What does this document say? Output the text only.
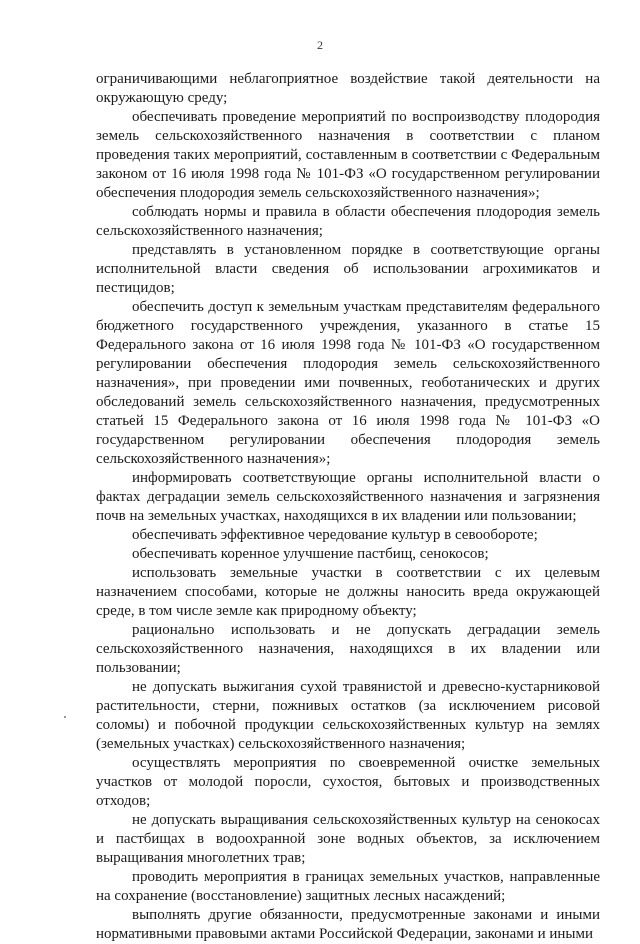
2

ограничивающими неблагоприятное воздействие такой деятельности на окружающую среду;

обеспечивать проведение мероприятий по воспроизводству плодородия земель сельскохозяйственного назначения в соответствии с планом проведения таких мероприятий, составленным в соответствии с Федеральным законом от 16 июля 1998 года № 101-ФЗ «О государственном регулировании обеспечения плодородия земель сельскохозяйственного назначения»;

соблюдать нормы и правила в области обеспечения плодородия земель сельскохозяйственного назначения;

представлять в установленном порядке в соответствующие органы исполнительной власти сведения об использовании агрохимикатов и пестицидов;

обеспечить доступ к земельным участкам представителям федерального бюджетного государственного учреждения, указанного в статье 15 Федерального закона от 16 июля 1998 года № 101-ФЗ «О государственном регулировании обеспечения плодородия земель сельскохозяйственного назначения», при проведении ими почвенных, геоботанических и других обследований земель сельскохозяйственного назначения, предусмотренных статьей 15 Федерального закона от 16 июля 1998 года № 101-ФЗ «О государственном регулировании обеспечения плодородия земель сельскохозяйственного назначения»;

информировать соответствующие органы исполнительной власти о фактах деградации земель сельскохозяйственного назначения и загрязнения почв на земельных участках, находящихся в их владении или пользовании;

обеспечивать эффективное чередование культур в севообороте;

обеспечивать коренное улучшение пастбищ, сенокосов;

использовать земельные участки в соответствии с их целевым назначением способами, которые не должны наносить вреда окружающей среде, в том числе земле как природному объекту;

рационально использовать и не допускать деградации земель сельскохозяйственного назначения, находящихся в их владении или пользовании;

не допускать выжигания сухой травянистой и древесно-кустарниковой растительности, стерни, пожнивых остатков (за исключением рисовой соломы) и побочной продукции сельскохозяйственных культур на землях (земельных участках) сельскохозяйственного назначения;

осуществлять мероприятия по своевременной очистке земельных участков от молодой поросли, сухостоя, бытовых и производственных отходов;

не допускать выращивания сельскохозяйственных культур на сенокосах и пастбищах в водоохранной зоне водных объектов, за исключением выращивания многолетних трав;

проводить мероприятия в границах земельных участков, направленные на сохранение (восстановление) защитных лесных насаждений;

выполнять другие обязанности, предусмотренные законами и иными нормативными правовыми актами Российской Федерации, законами и иными
